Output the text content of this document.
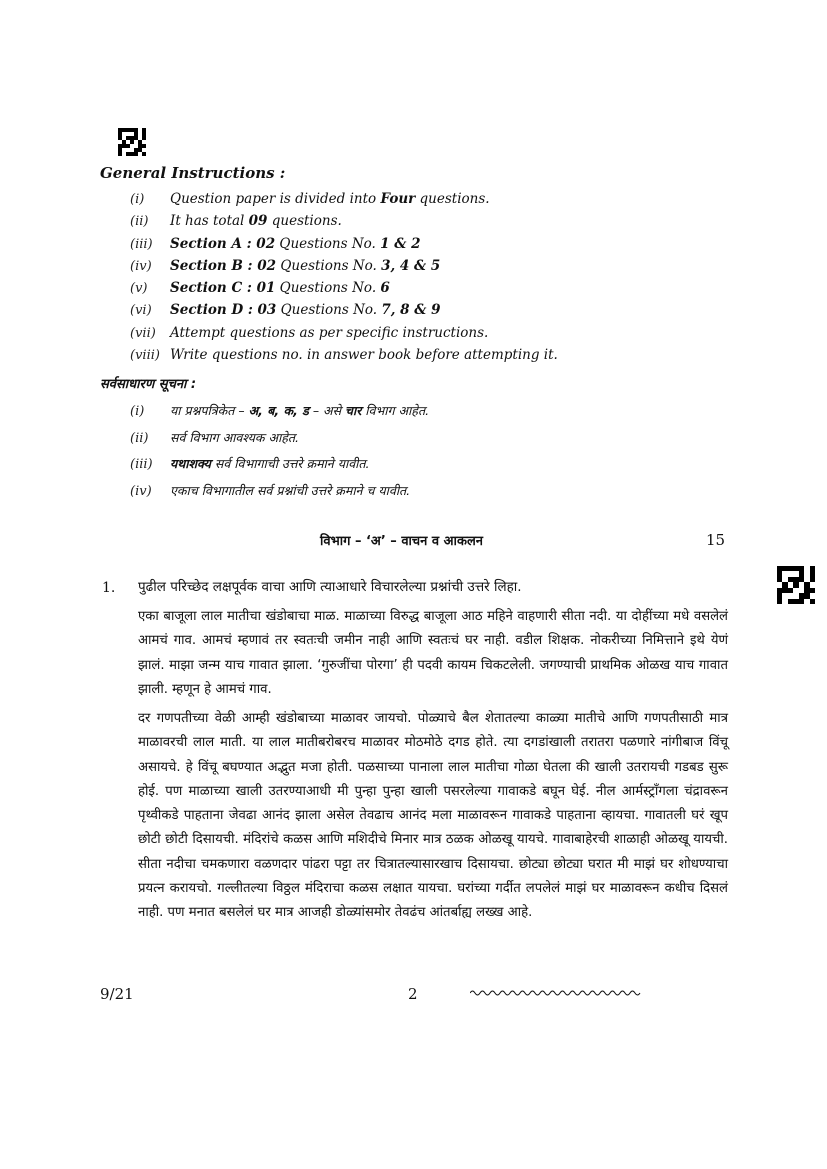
General Instructions :
(i) Question paper is divided into Four questions.
(ii) It has total 09 questions.
(iii) Section A : 02 Questions No. 1 & 2
(iv) Section B : 02 Questions No. 3, 4 & 5
(v) Section C : 01 Questions No. 6
(vi) Section D : 03 Questions No. 7, 8 & 9
(vii) Attempt questions as per specific instructions.
(viii) Write questions no. in answer book before attempting it.
सर्वसाधारण सूचना :
(i) या प्रश्नपत्रिकेत – अ, ब, क, ड – असे चार विभाग आहेत.
(ii) सर्व विभाग आवश्यक आहेत.
(iii) यथाशक्य सर्व विभागाची उत्तरे क्रमाने यावीत.
(iv) एकाच विभागातील सर्व प्रश्नांची उत्तरे क्रमाने च यावीत.
विभाग – ‘अ’ – वाचन व आकलन	15
1. पुढील परिच्छेद लक्षपूर्वक वाचा आणि त्याआधारे विचारलेल्या प्रश्नांची उत्तरे लिहा.

एका बाजूला लाल मातीचा खंडोबाचा माळ. माळाच्या विरुद्ध बाजूला आठ महिने वाहणारी सीता नदी. या दोहींच्या मधे वसलेलं आमचं गाव. आमचं म्हणावं तर स्वतःची जमीन नाही आणि स्वतःचं घर नाही. वडील शिक्षक. नोकरीच्या निमित्ताने इथे येणं झालं. माझा जन्म याच गावात झाला. ‘गुरुजींचा पोरगा’ ही पदवी कायम चिकटलेली. जगण्याची प्राथमिक ओळख याच गावात झाली. म्हणून हे आमचं गाव.

दर गणपतीच्या वेळी आम्ही खंडोबाच्या माळावर जायचो. पोळ्याचे बैल शेतातल्या काळ्या मातीचे आणि गणपतीसाठी मात्र माळावरची लाल माती. या लाल मातीबरोबरच माळावर मोठमोठे दगड होते. त्या दगडांखाली तरातरा पळणारे नांगीबाज विंचू असायचे. हे विंचू बघण्यात अद्भुत मजा होती. पळसाच्या पानाला लाल मातीचा गोळा घेतला की खाली उतरायची गडबड सुरू होई. पण माळाच्या खाली उतरण्याआधी मी पुन्हा पुन्हा खाली पसरलेल्या गावाकडे बघून घेई. नील आर्मस्ट्राँगला चंद्रावरून पृथ्वीकडे पाहताना जेवढा आनंद झाला असेल तेवढाच आनंद मला माळावरून गावाकडे पाहताना व्हायचा. गावातली घरं खूप छोटी छोटी दिसायची. मंदिरांचे कळस आणि मशिदीचे मिनार मात्र ठळक ओळखू यायचे. गावाबाहेरची शाळाही ओळखू यायची. सीता नदीचा चमकणारा वळणदार पांढरा पट्टा तर चित्रातल्यासारखाच दिसायचा. छोट्या छोट्या घरात मी माझं घर शोधण्याचा प्रयत्न करायचो. गल्लीतल्या विठ्ठल मंदिराचा कळस लक्षात यायचा. घरांच्या गर्दीत लपलेलं माझं घर माळावरून कधीच दिसलं नाही. पण मनात बसलेलं घर मात्र आजही डोळ्यांसमोर तेवढंच आंतर्बाह्य लख्ख आहे.

9/21	2
